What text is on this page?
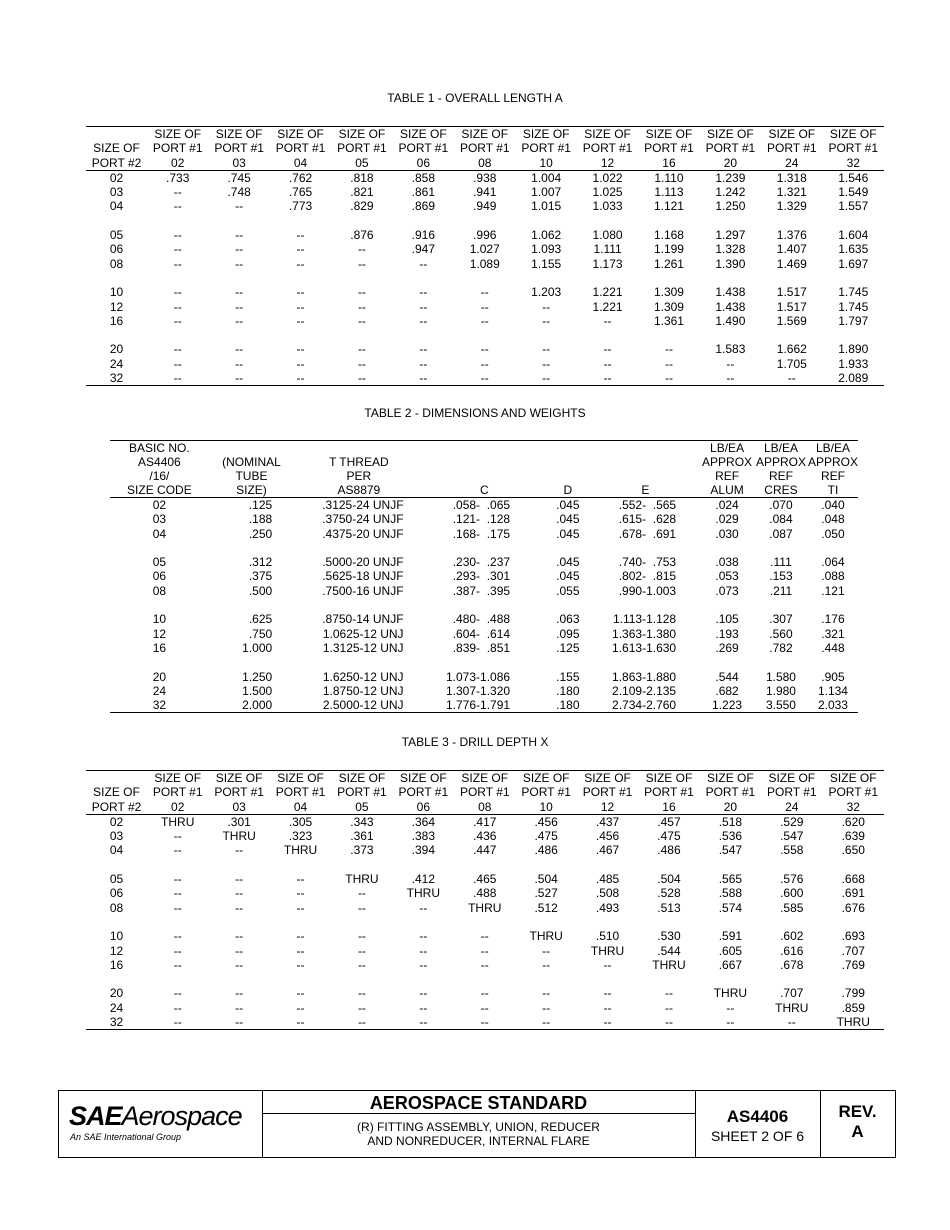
TABLE 1 - OVERALL LENGTH A
	SIZE OF	SIZE OF	SIZE OF	SIZE OF	SIZE OF	SIZE OF	SIZE OF	SIZE OF	SIZE OF	SIZE OF	SIZE OF	SIZE OF
SIZE OF	PORT #1	PORT #1	PORT #1	PORT #1	PORT #1	PORT #1	PORT #1	PORT #1	PORT #1	PORT #1	PORT #1	PORT #1
PORT #2	02	03	04	05	06	08	10	12	16	20	24	32
02	.733	.745	.762	.818	.858	.938	1.004	1.022	1.110	1.239	1.318	1.546
03	--	.748	.765	.821	.861	.941	1.007	1.025	1.113	1.242	1.321	1.549
04	--	--	.773	.829	.869	.949	1.015	1.033	1.121	1.250	1.329	1.557

05	--	--	--	.876	.916	.996	1.062	1.080	1.168	1.297	1.376	1.604
06	--	--	--	--	.947	1.027	1.093	1.111	1.199	1.328	1.407	1.635
08	--	--	--	--	--	1.089	1.155	1.173	1.261	1.390	1.469	1.697

10	--	--	--	--	--	--	1.203	1.221	1.309	1.438	1.517	1.745
12	--	--	--	--	--	--	--	1.221	1.309	1.438	1.517	1.745
16	--	--	--	--	--	--	--	--	1.361	1.490	1.569	1.797

20	--	--	--	--	--	--	--	--	--	1.583	1.662	1.890
24	--	--	--	--	--	--	--	--	--	--	1.705	1.933
32	--	--	--	--	--	--	--	--	--	--	--	2.089
TABLE 2 - DIMENSIONS AND WEIGHTS
BASIC NO.						LB/EA	LB/EA	LB/EA
AS4406	(NOMINAL	T THREAD				APPROX	APPROX	APPROX
/16/	TUBE	PER				REF	REF	REF
SIZE CODE	SIZE)	AS8879	C	D	E	ALUM	CRES	TI
02	.125	.3125-24 UNJF	.058-  .065	.045	.552-  .565	.024	.070	.040
03	.188	.3750-24 UNJF	.121-  .128	.045	.615-  .628	.029	.084	.048
04	.250	.4375-20 UNJF	.168-  .175	.045	.678-  .691	.030	.087	.050

05	.312	.5000-20 UNJF	.230-  .237	.045	.740-  .753	.038	.111	.064
06	.375	.5625-18 UNJF	.293-  .301	.045	.802-  .815	.053	.153	.088
08	.500	.7500-16 UNJF	.387-  .395	.055	.990-1.003	.073	.211	.121

10	.625	.8750-14 UNJF	.480-  .488	.063	1.113-1.128	.105	.307	.176
12	.750	1.0625-12 UNJ	.604-  .614	.095	1.363-1.380	.193	.560	.321
16	1.000	1.3125-12 UNJ	.839-  .851	.125	1.613-1.630	.269	.782	.448

20	1.250	1.6250-12 UNJ	1.073-1.086	.155	1.863-1.880	.544	1.580	.905
24	1.500	1.8750-12 UNJ	1.307-1.320	.180	2.109-2.135	.682	1.980	1.134
32	2.000	2.5000-12 UNJ	1.776-1.791	.180	2.734-2.760	1.223	3.550	2.033
TABLE 3 - DRILL DEPTH X
	SIZE OF	SIZE OF	SIZE OF	SIZE OF	SIZE OF	SIZE OF	SIZE OF	SIZE OF	SIZE OF	SIZE OF	SIZE OF	SIZE OF
SIZE OF	PORT #1	PORT #1	PORT #1	PORT #1	PORT #1	PORT #1	PORT #1	PORT #1	PORT #1	PORT #1	PORT #1	PORT #1
PORT #2	02	03	04	05	06	08	10	12	16	20	24	32
02	THRU	.301	.305	.343	.364	.417	.456	.437	.457	.518	.529	.620
03	--	THRU	.323	.361	.383	.436	.475	.456	.475	.536	.547	.639
04	--	--	THRU	.373	.394	.447	.486	.467	.486	.547	.558	.650

05	--	--	--	THRU	.412	.465	.504	.485	.504	.565	.576	.668
06	--	--	--	--	THRU	.488	.527	.508	.528	.588	.600	.691
08	--	--	--	--	--	THRU	.512	.493	.513	.574	.585	.676

10	--	--	--	--	--	--	THRU	.510	.530	.591	.602	.693
12	--	--	--	--	--	--	--	THRU	.544	.605	.616	.707
16	--	--	--	--	--	--	--	--	THRU	.667	.678	.769

20	--	--	--	--	--	--	--	--	--	THRU	.707	.799
24	--	--	--	--	--	--	--	--	--	--	THRU	.859
32	--	--	--	--	--	--	--	--	--	--	--	THRU
SAEAerospace
An SAE International Group
AEROSPACE STANDARD
(R) FITTING ASSEMBLY, UNION, REDUCER
AND NONREDUCER, INTERNAL FLARE
AS4406
SHEET 2 OF 6
REV.
A
